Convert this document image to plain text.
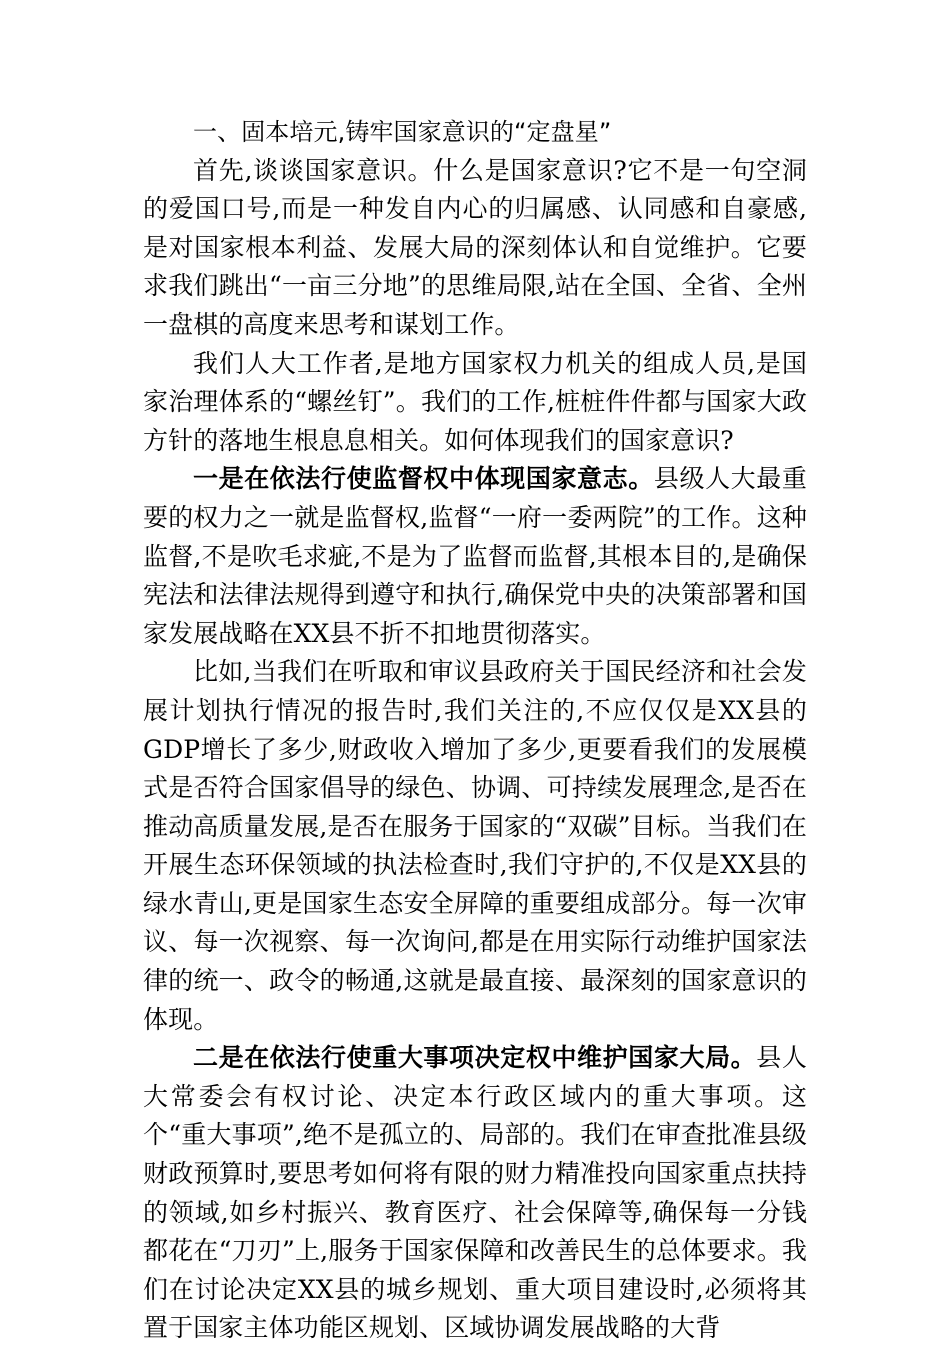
一、固本培元,铸牢国家意识的“定盘星”

首先,谈谈国家意识。什么是国家意识?它不是一句空洞的爱国口号,而是一种发自内心的归属感、认同感和自豪感,是对国家根本利益、发展大局的深刻体认和自觉维护。它要求我们跳出“一亩三分地”的思维局限,站在全国、全省、全州一盘棋的高度来思考和谋划工作。

我们人大工作者,是地方国家权力机关的组成人员,是国家治理体系的“螺丝钉”。我们的工作,桩桩件件都与国家大政方针的落地生根息息相关。如何体现我们的国家意识?

一是在依法行使监督权中体现国家意志。县级人大最重要的权力之一就是监督权,监督“一府一委两院”的工作。这种监督,不是吹毛求疵,不是为了监督而监督,其根本目的,是确保宪法和法律法规得到遵守和执行,确保党中央的决策部署和国家发展战略在XX县不折不扣地贯彻落实。

比如,当我们在听取和审议县政府关于国民经济和社会发展计划执行情况的报告时,我们关注的,不应仅仅是XX县的GDP增长了多少,财政收入增加了多少,更要看我们的发展模式是否符合国家倡导的绿色、协调、可持续发展理念,是否在推动高质量发展,是否在服务于国家的“双碳”目标。当我们在开展生态环保领域的执法检查时,我们守护的,不仅是XX县的绿水青山,更是国家生态安全屏障的重要组成部分。每一次审议、每一次视察、每一次询问,都是在用实际行动维护国家法律的统一、政令的畅通,这就是最直接、最深刻的国家意识的体现。

二是在依法行使重大事项决定权中维护国家大局。县人大常委会有权讨论、决定本行政区域内的重大事项。这个“重大事项”,绝不是孤立的、局部的。我们在审查批准县级财政预算时,要思考如何将有限的财力精准投向国家重点扶持的领域,如乡村振兴、教育医疗、社会保障等,确保每一分钱都花在“刀刃”上,服务于国家保障和改善民生的总体要求。我们在讨论决定XX县的城乡规划、重大项目建设时,必须将其置于国家主体功能区规划、区域协调发展战略的大背
